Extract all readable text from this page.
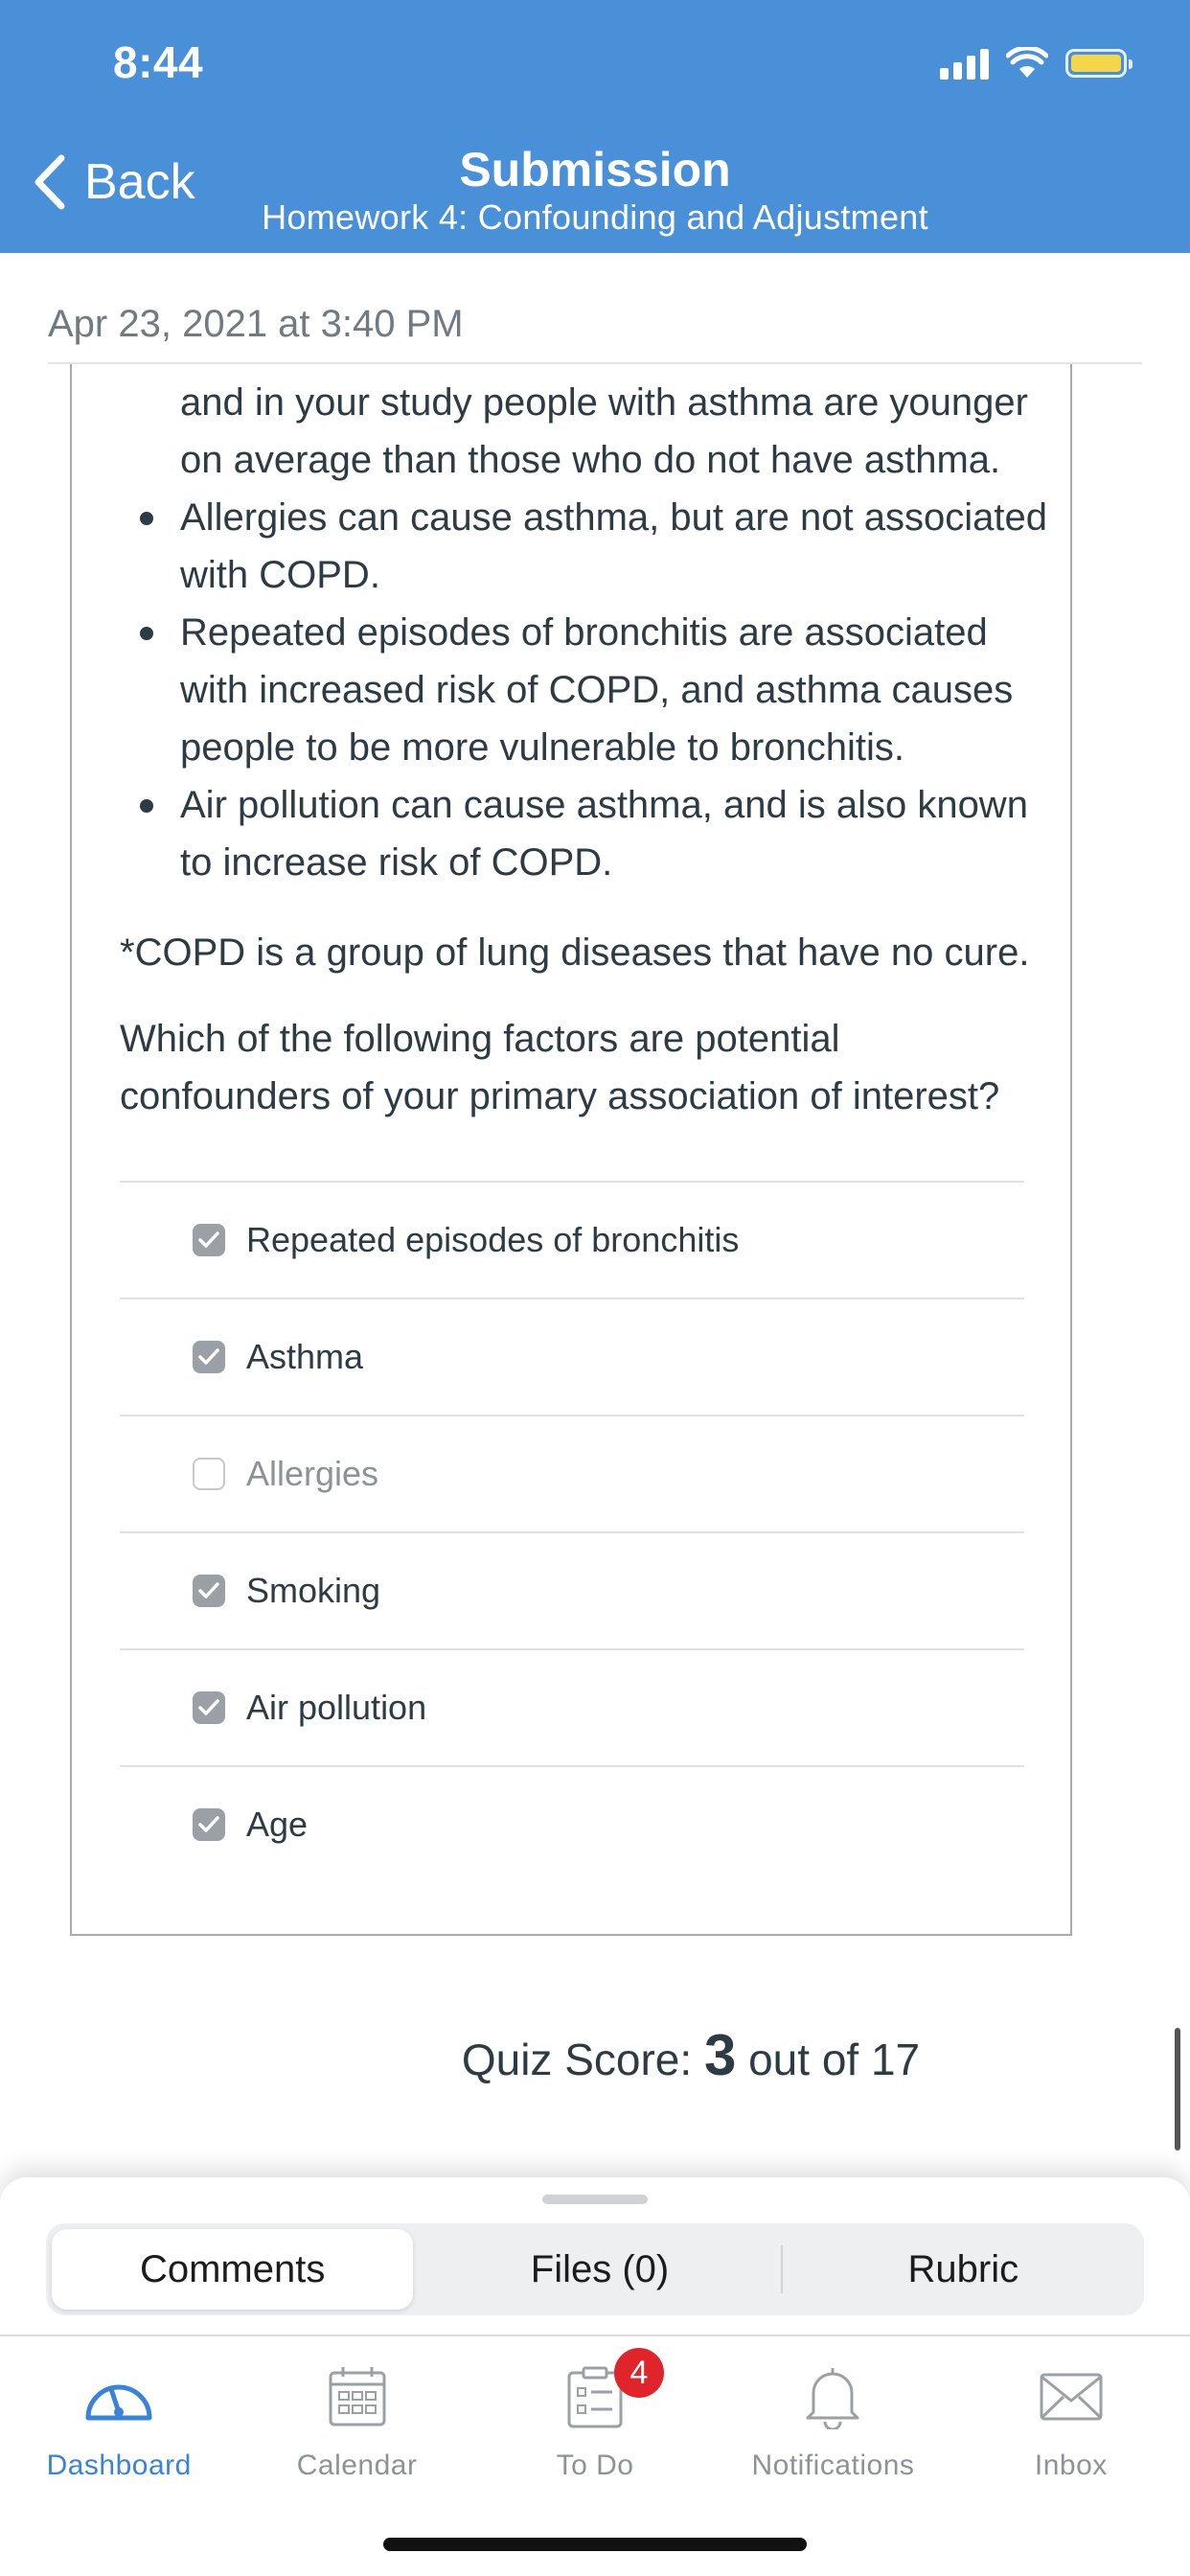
8:44
Back	Submission
Homework 4: Confounding and Adjustment
Apr 23, 2021 at 3:40 PM
and in your study people with asthma are younger on average than those who do not have asthma.
Allergies can cause asthma, but are not associated with COPD.
Repeated episodes of bronchitis are associated with increased risk of COPD, and asthma causes people to be more vulnerable to bronchitis.
Air pollution can cause asthma, and is also known to increase risk of COPD.
*COPD is a group of lung diseases that have no cure.
Which of the following factors are potential confounders of your primary association of interest?
Repeated episodes of bronchitis
Asthma
Allergies
Smoking
Air pollution
Age
Quiz Score: 3 out of 17
Comments	Files (0)	Rubric
Dashboard	Calendar
4
To Do	Notifications	Inbox
